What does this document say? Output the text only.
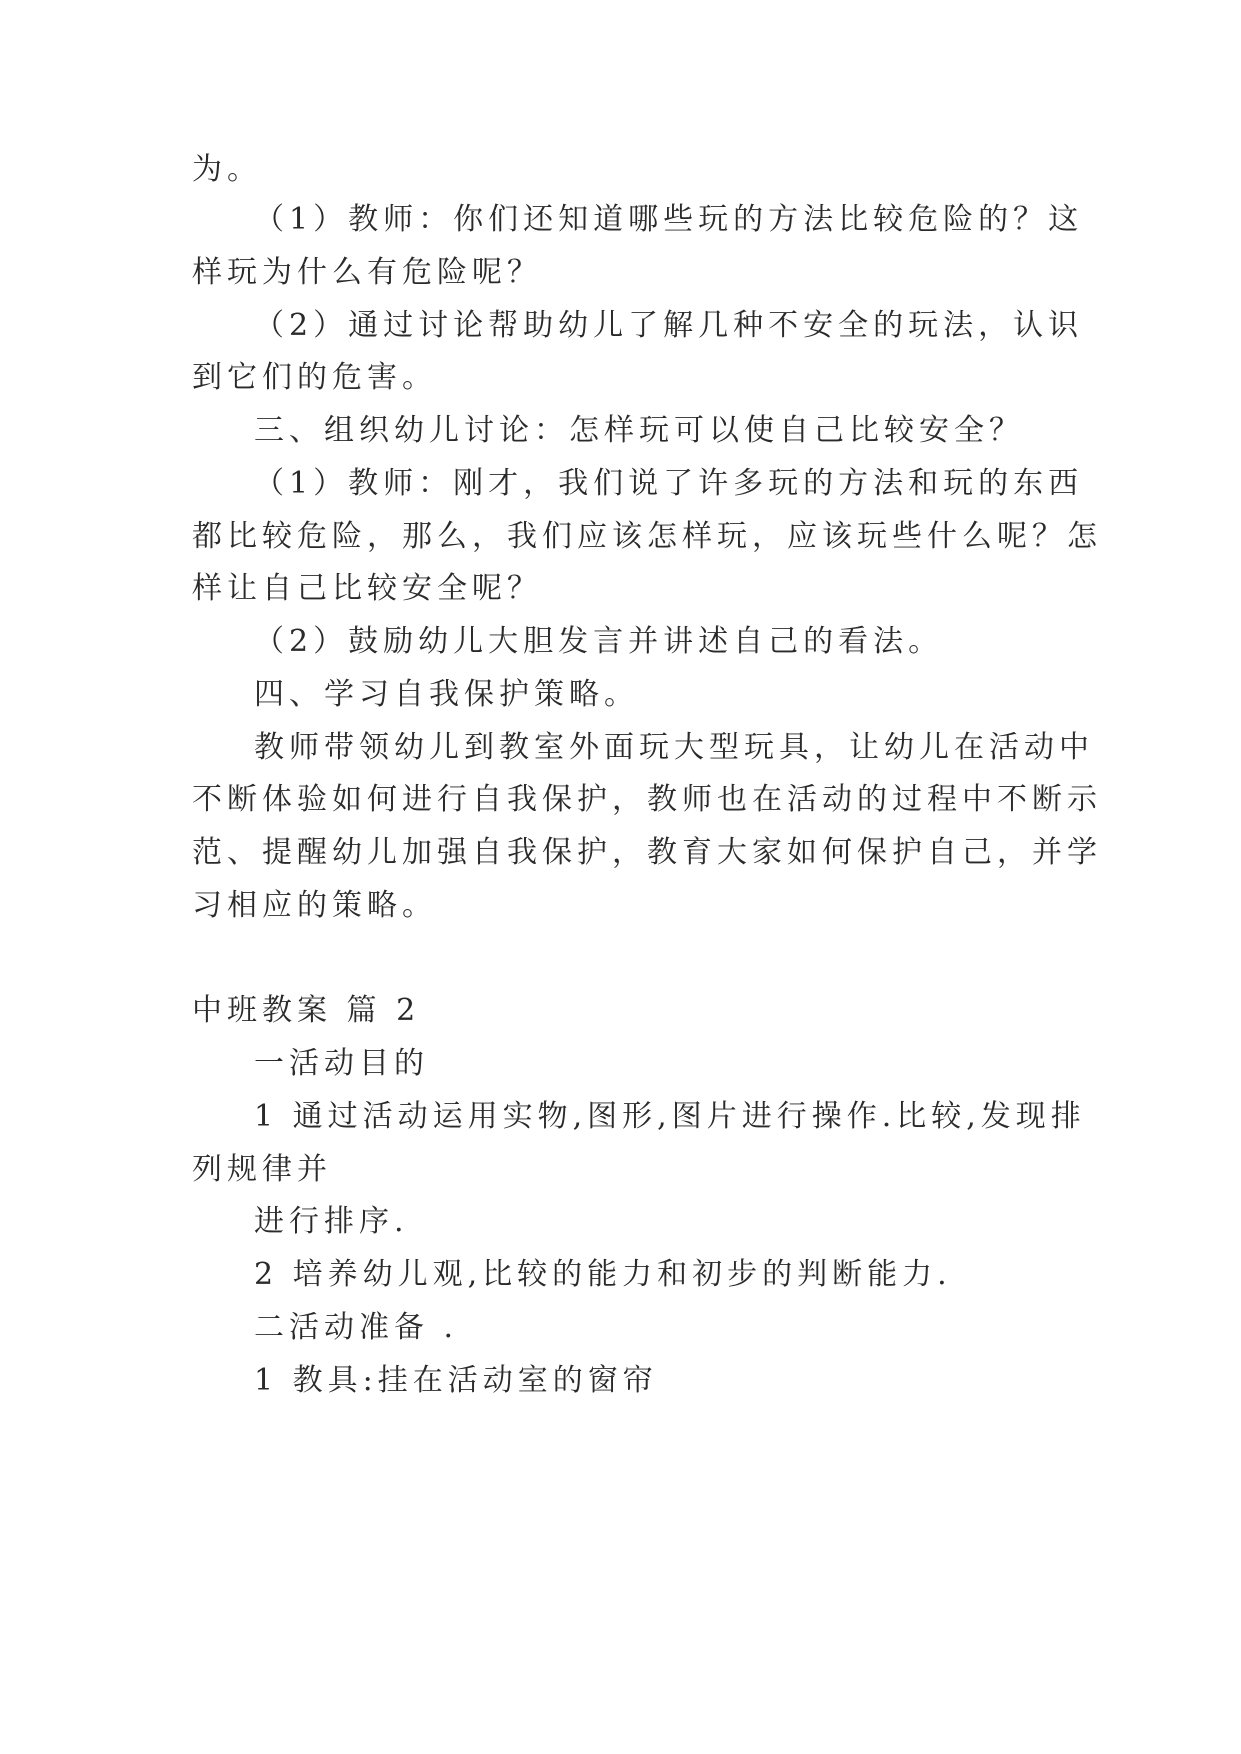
为。
（1）教师：你们还知道哪些玩的方法比较危险的？这
样玩为什么有危险呢？
（2）通过讨论帮助幼儿了解几种不安全的玩法，认识
到它们的危害。
三、组织幼儿讨论：怎样玩可以使自己比较安全？
（1）教师：刚才，我们说了许多玩的方法和玩的东西
都比较危险，那么，我们应该怎样玩，应该玩些什么呢？怎
样让自己比较安全呢？
（2）鼓励幼儿大胆发言并讲述自己的看法。
四、学习自我保护策略。
教师带领幼儿到教室外面玩大型玩具，让幼儿在活动中
不断体验如何进行自我保护，教师也在活动的过程中不断示
范、提醒幼儿加强自我保护，教育大家如何保护自己，并学
习相应的策略。
中班教案 篇 2
一活动目的
1 通过活动运用实物,图形,图片进行操作.比较,发现排
列规律并
进行排序.
2 培养幼儿观,比较的能力和初步的判断能力.
二活动准备 .
1 教具:挂在活动室的窗帘
